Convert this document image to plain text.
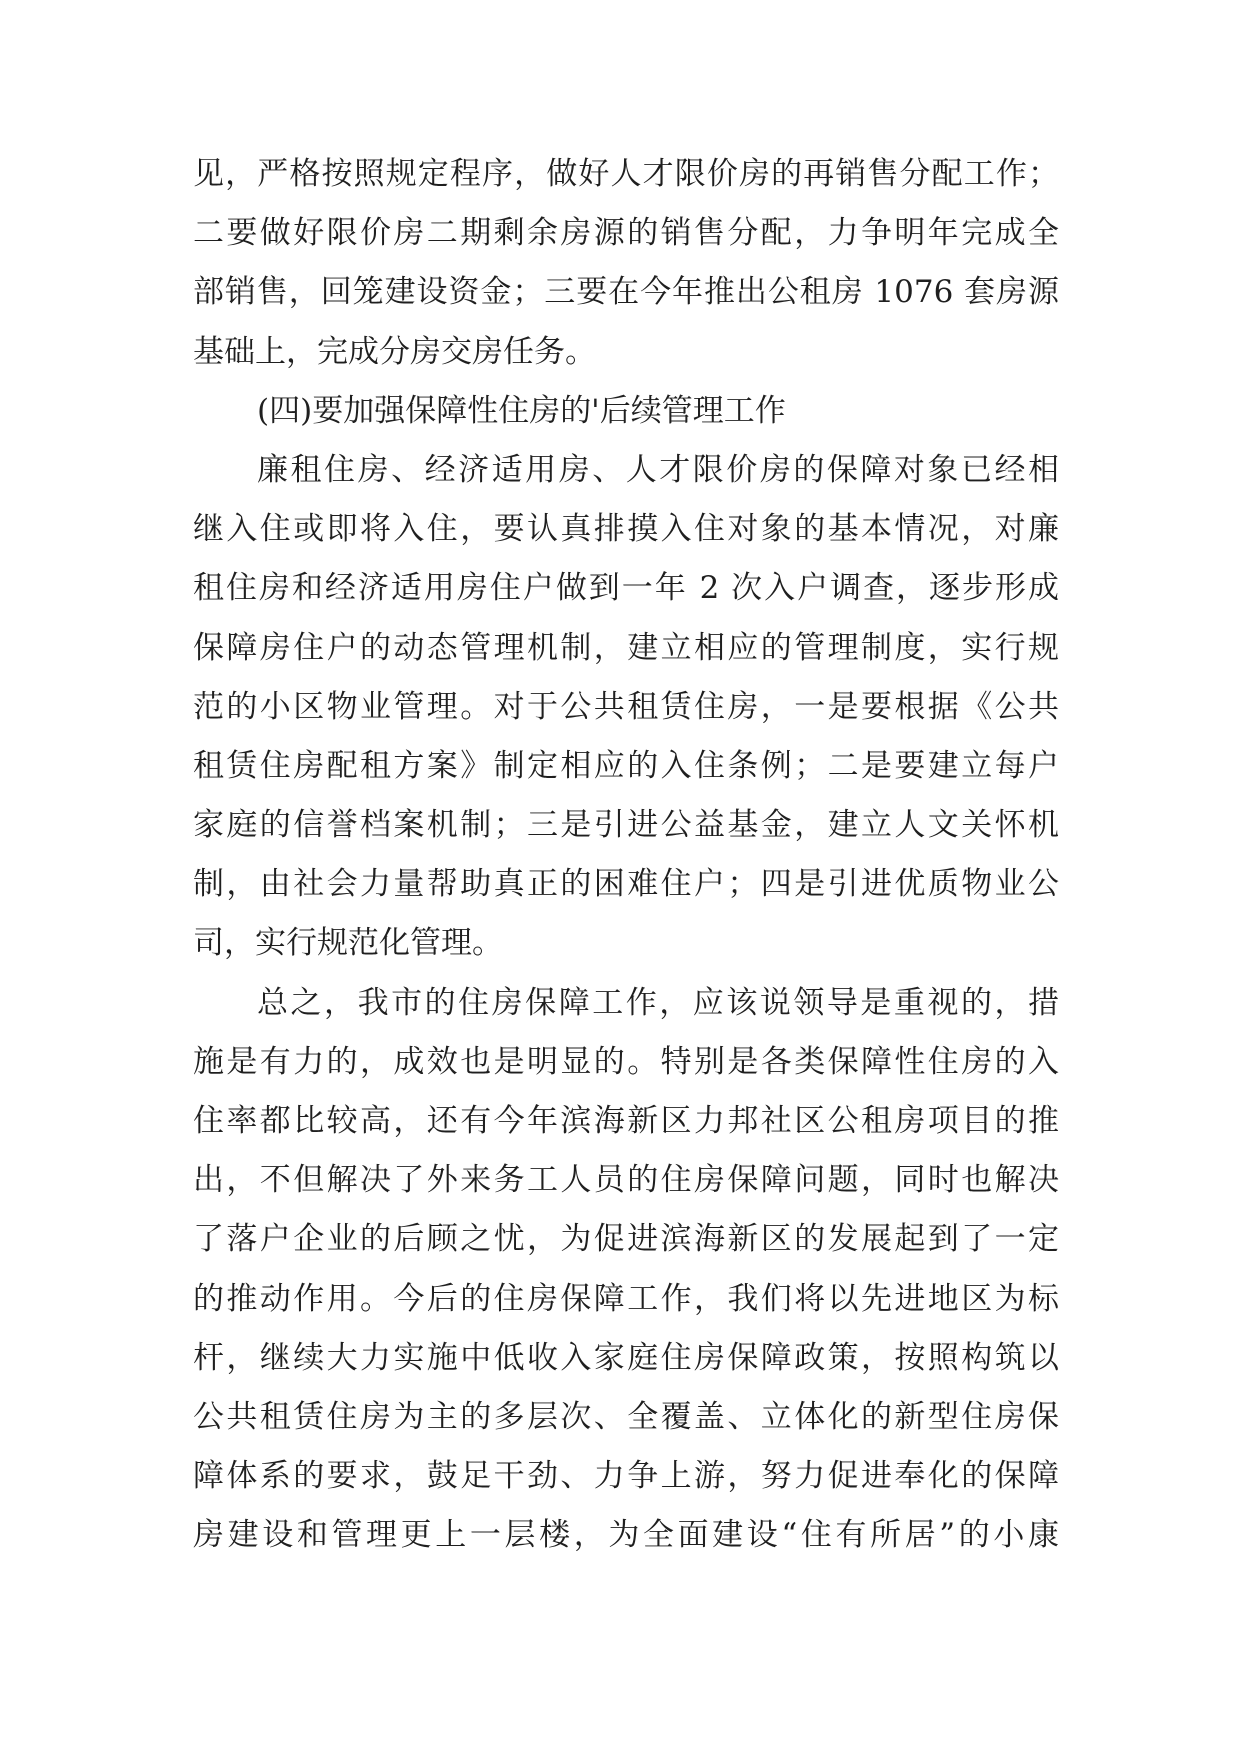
见，严格按照规定程序，做好人才限价房的再销售分配工作；
二要做好限价房二期剩余房源的销售分配，力争明年完成全
部销售，回笼建设资金；三要在今年推出公租房 1076 套房源
基础上，完成分房交房任务。
(四)要加强保障性住房的'后续管理工作
廉租住房、经济适用房、人才限价房的保障对象已经相
继入住或即将入住，要认真排摸入住对象的基本情况，对廉
租住房和经济适用房住户做到一年 2 次入户调查，逐步形成
保障房住户的动态管理机制，建立相应的管理制度，实行规
范的小区物业管理。对于公共租赁住房，一是要根据《公共
租赁住房配租方案》制定相应的入住条例；二是要建立每户
家庭的信誉档案机制；三是引进公益基金，建立人文关怀机
制，由社会力量帮助真正的困难住户；四是引进优质物业公
司，实行规范化管理。
总之，我市的住房保障工作，应该说领导是重视的，措
施是有力的，成效也是明显的。特别是各类保障性住房的入
住率都比较高，还有今年滨海新区力邦社区公租房项目的推
出，不但解决了外来务工人员的住房保障问题，同时也解决
了落户企业的后顾之忧，为促进滨海新区的发展起到了一定
的推动作用。今后的住房保障工作，我们将以先进地区为标
杆，继续大力实施中低收入家庭住房保障政策，按照构筑以
公共租赁住房为主的多层次、全覆盖、立体化的新型住房保
障体系的要求，鼓足干劲、力争上游，努力促进奉化的保障
房建设和管理更上一层楼，为全面建设“住有所居”的小康
